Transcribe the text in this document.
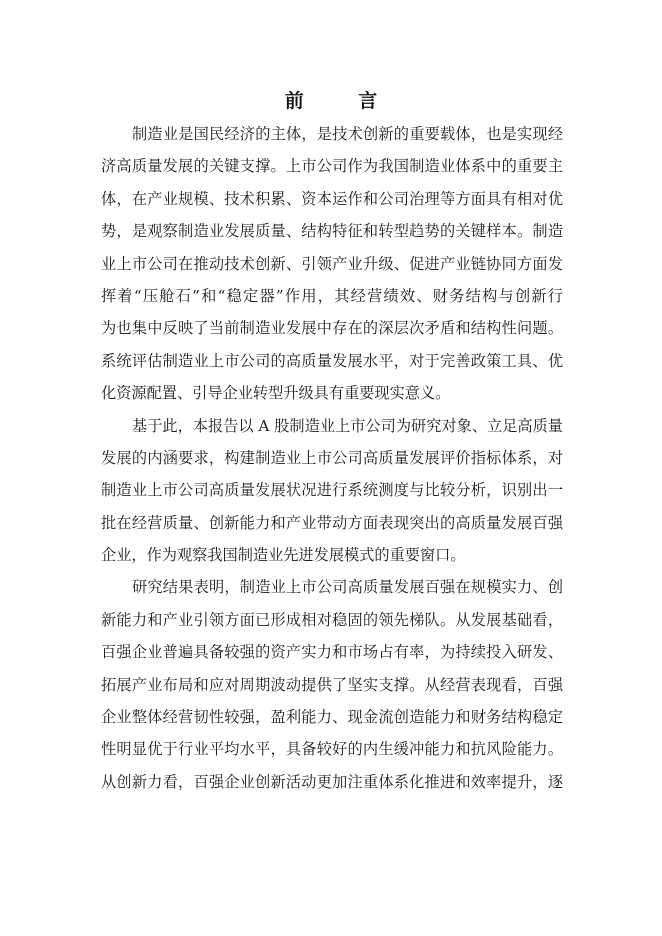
前 言
制造业是国民经济的主体，是技术创新的重要载体，也是实现经
济高质量发展的关键支撑。上市公司作为我国制造业体系中的重要主
体，在产业规模、技术积累、资本运作和公司治理等方面具有相对优
势，是观察制造业发展质量、结构特征和转型趋势的关键样本。制造
业上市公司在推动技术创新、引领产业升级、促进产业链协同方面发
挥着“压舱石”和“稳定器”作用，其经营绩效、财务结构与创新行
为也集中反映了当前制造业发展中存在的深层次矛盾和结构性问题。
系统评估制造业上市公司的高质量发展水平，对于完善政策工具、优
化资源配置、引导企业转型升级具有重要现实意义。
基于此，本报告以 A 股制造业上市公司为研究对象、立足高质量
发展的内涵要求，构建制造业上市公司高质量发展评价指标体系，对
制造业上市公司高质量发展状况进行系统测度与比较分析，识别出一
批在经营质量、创新能力和产业带动方面表现突出的高质量发展百强
企业，作为观察我国制造业先进发展模式的重要窗口。
研究结果表明，制造业上市公司高质量发展百强在规模实力、创
新能力和产业引领方面已形成相对稳固的领先梯队。从发展基础看，
百强企业普遍具备较强的资产实力和市场占有率，为持续投入研发、
拓展产业布局和应对周期波动提供了坚实支撑。从经营表现看，百强
企业整体经营韧性较强，盈利能力、现金流创造能力和财务结构稳定
性明显优于行业平均水平，具备较好的内生缓冲能力和抗风险能力。
从创新力看，百强企业创新活动更加注重体系化推进和效率提升，逐
